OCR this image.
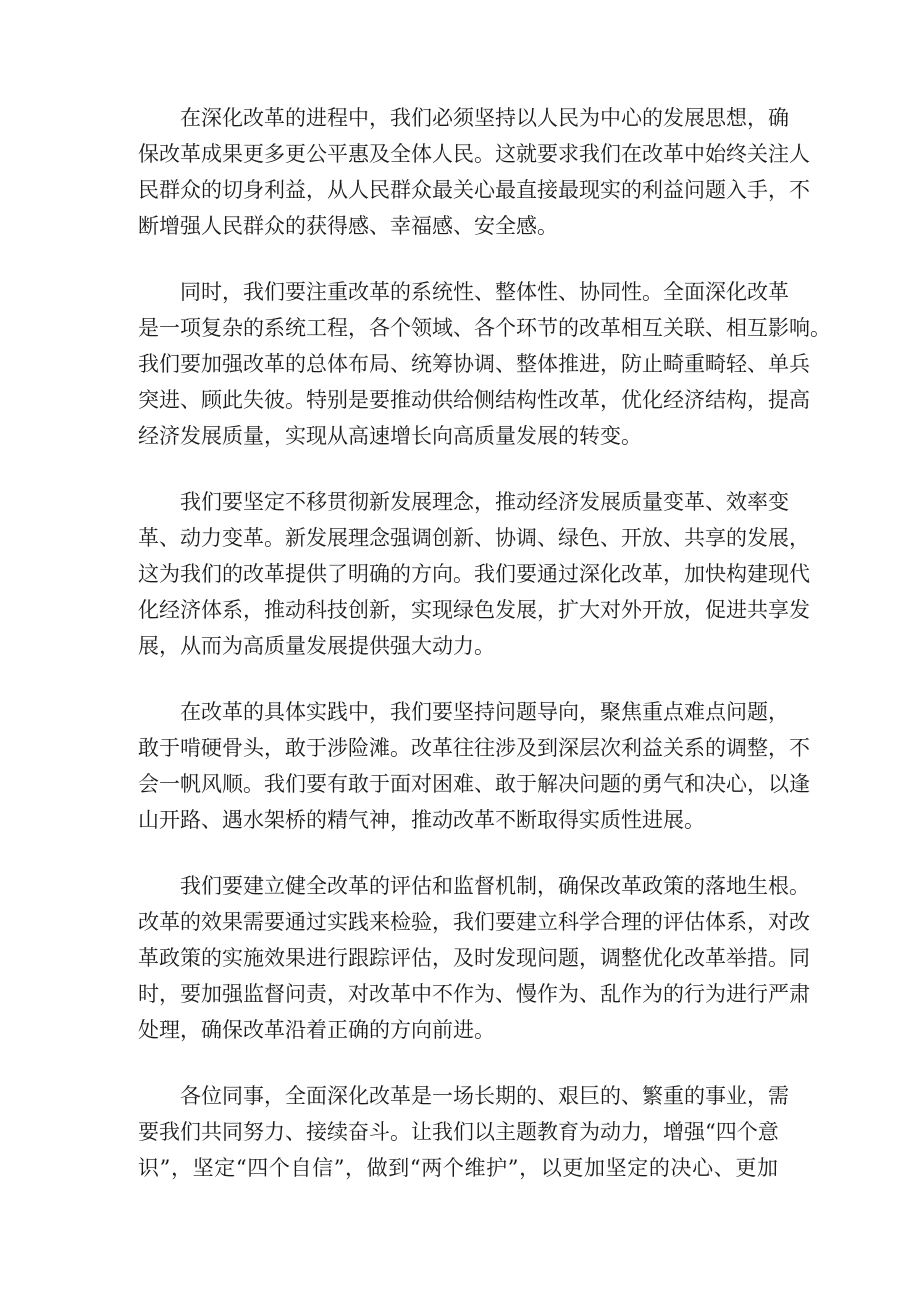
在深化改革的进程中，我们必须坚持以人民为中心的发展思想，确
保改革成果更多更公平惠及全体人民。这就要求我们在改革中始终关注人
民群众的切身利益，从人民群众最关心最直接最现实的利益问题入手，不
断增强人民群众的获得感、幸福感、安全感。
同时，我们要注重改革的系统性、整体性、协同性。全面深化改革
是一项复杂的系统工程，各个领域、各个环节的改革相互关联、相互影响。
我们要加强改革的总体布局、统筹协调、整体推进，防止畸重畸轻、单兵
突进、顾此失彼。特别是要推动供给侧结构性改革，优化经济结构，提高
经济发展质量，实现从高速增长向高质量发展的转变。
我们要坚定不移贯彻新发展理念，推动经济发展质量变革、效率变
革、动力变革。新发展理念强调创新、协调、绿色、开放、共享的发展，
这为我们的改革提供了明确的方向。我们要通过深化改革，加快构建现代
化经济体系，推动科技创新，实现绿色发展，扩大对外开放，促进共享发
展，从而为高质量发展提供强大动力。
在改革的具体实践中，我们要坚持问题导向，聚焦重点难点问题，
敢于啃硬骨头，敢于涉险滩。改革往往涉及到深层次利益关系的调整，不
会一帆风顺。我们要有敢于面对困难、敢于解决问题的勇气和决心，以逢
山开路、遇水架桥的精气神，推动改革不断取得实质性进展。
我们要建立健全改革的评估和监督机制，确保改革政策的落地生根。
改革的效果需要通过实践来检验，我们要建立科学合理的评估体系，对改
革政策的实施效果进行跟踪评估，及时发现问题，调整优化改革举措。同
时，要加强监督问责，对改革中不作为、慢作为、乱作为的行为进行严肃
处理，确保改革沿着正确的方向前进。
各位同事，全面深化改革是一场长期的、艰巨的、繁重的事业，需
要我们共同努力、接续奋斗。让我们以主题教育为动力，增强“四个意
识”，坚定“四个自信”，做到“两个维护”，以更加坚定的决心、更加
